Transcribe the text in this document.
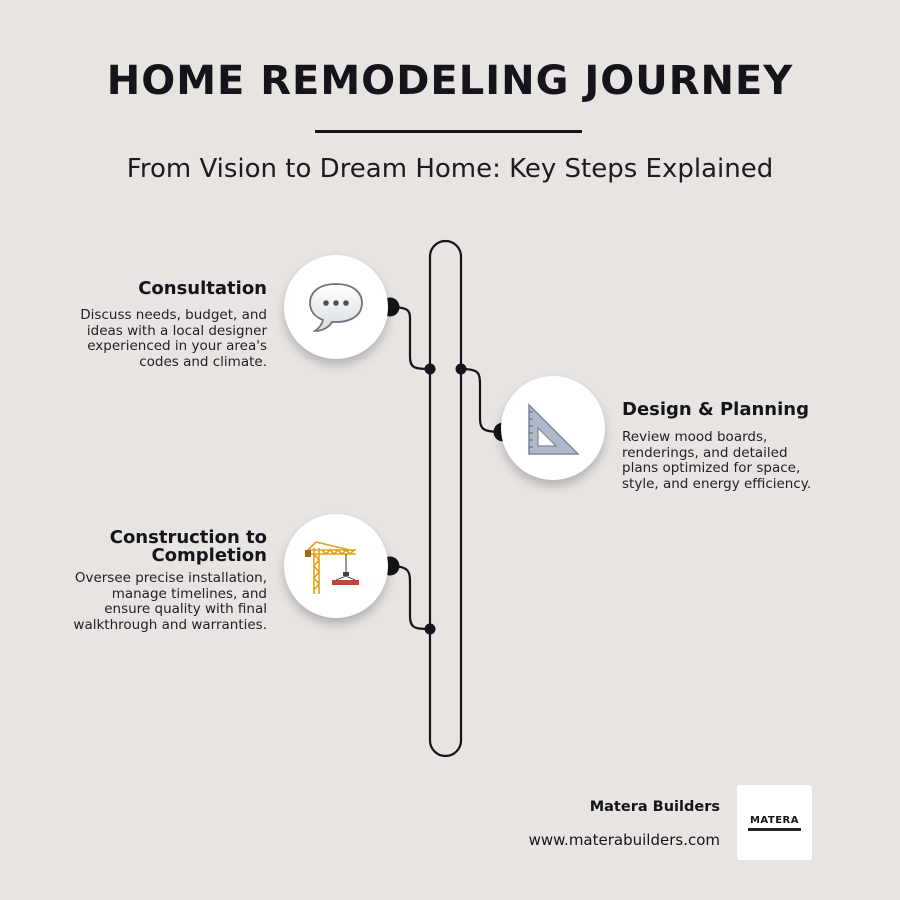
HOME REMODELING JOURNEY
From Vision to Dream Home: Key Steps Explained

Consultation

Discuss needs, budget, and
ideas with a local designer
experienced in your area's
codes and climate.

Design & Planning

Review mood boards,
renderings, and detailed
plans optimized for space,
style, and energy efficiency.
Construction to
Completion
Oversee precise installation,
manage timelines, and
ensure quality with final
walkthrough and warranties.
Matera Builders
www.materabuilders.com
MATERA
